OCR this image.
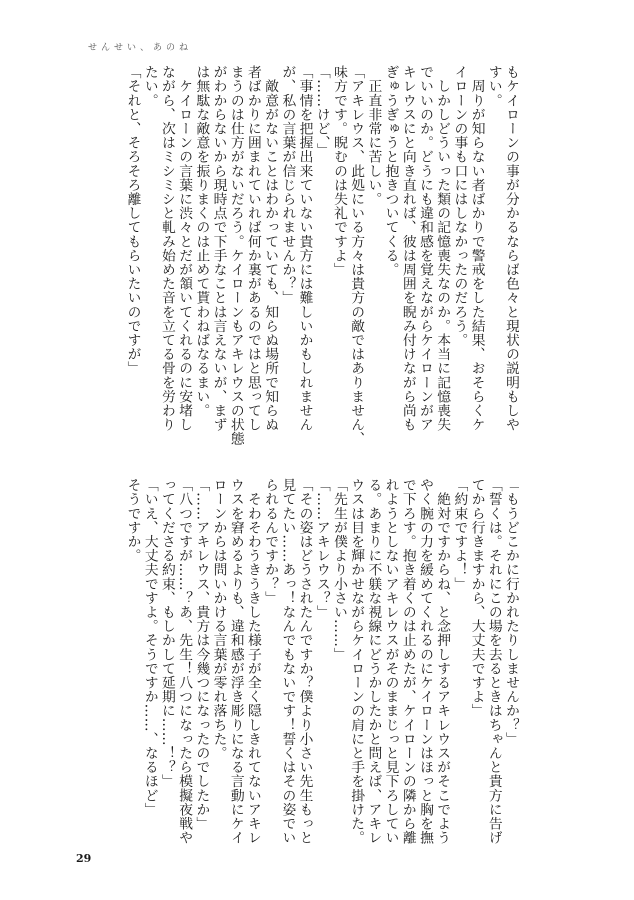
せんせい、あのね
もケイローンの事が分かるならば色々と現状の説明もしや
すい。
　周りが知らない者ばかりで警戒をした結果、おそらくケ
イローンの事も口にはしなかったのだろう。
　しかしどういった類の記憶喪失なのか。本当に記憶喪失
でいいのか。どうにも違和感を覚えながらケイローンがア
キレウスにと向き直れば、彼は周囲を睨み付けながら尚も
ぎゅうぎゅうと抱きついてくる。
　正直非常に苦しい。
「アキレウス、此処にいる方々は貴方の敵ではありません、
味方です。睨むのは失礼ですよ」
「……けど、」
「事情を把握出来ていない貴方には難しいかもしれません
が、私の言葉が信じられませんか？」
　敵意がないことはわかっていても、知らぬ場所で知らぬ
者ばかりに囲まれていれば何か裏があるのではと思ってし
まうのは仕方がないだろう。ケイローンもアキレウスの状態
がわからないから現時点で下手なことは言えないが、まず
は無駄な敵意を振りまくのは止めて貰わねばなるまい。
　ケイローンの言葉に渋々とだが頷いてくれるのに安堵し
ながら、次はミシミシと軋み始めた音を立てる骨を労わり
たい。
「それと、そろそろ離してもらいたいのですが」
「もうどこかに行かれたりしませんか？」
「誓くは。それにこの場を去るときはちゃんと貴方に告げ
てから行きますから、大丈夫ですよ」
「約束ですよ！」
　絶対ですからね、と念押しするアキレウスがそこでよう
やく腕の力を緩めてくれるのにケイローンはほっと胸を撫
で下ろす。抱き着くのは止めたが、ケイローンの隣から離
れようとしないアキレウスがそのままじっと見下ろしてい
る。あまりに不躾な視線にどうかしたかと問えば、アキレ
ウスは目を輝かせながらケイローンの肩にと手を掛けた。
「先生が僕より小さい……」
「……アキレウス？」
「その姿はどうされたんですか？僕より小さい先生もっと
見てたい……あっ！なんでもないです！誓くはその姿でい
られるんですか？」
　そわそわうきうきした様子が全く隠しきれてないアキレ
ウスを窘めるよりも、違和感が浮き彫りになる言動にケイ
ローンからは問いかける言葉が零れ落ちた。
「……アキレウス、貴方は今幾つになったのでしたか」
「八つですが……？あ、先生！八つになったら模擬夜戦や
ってくださる約束、もしかして延期に……！？」
「いえ、大丈夫ですよ。そうですか……、なるほど」
そうですか。
29
